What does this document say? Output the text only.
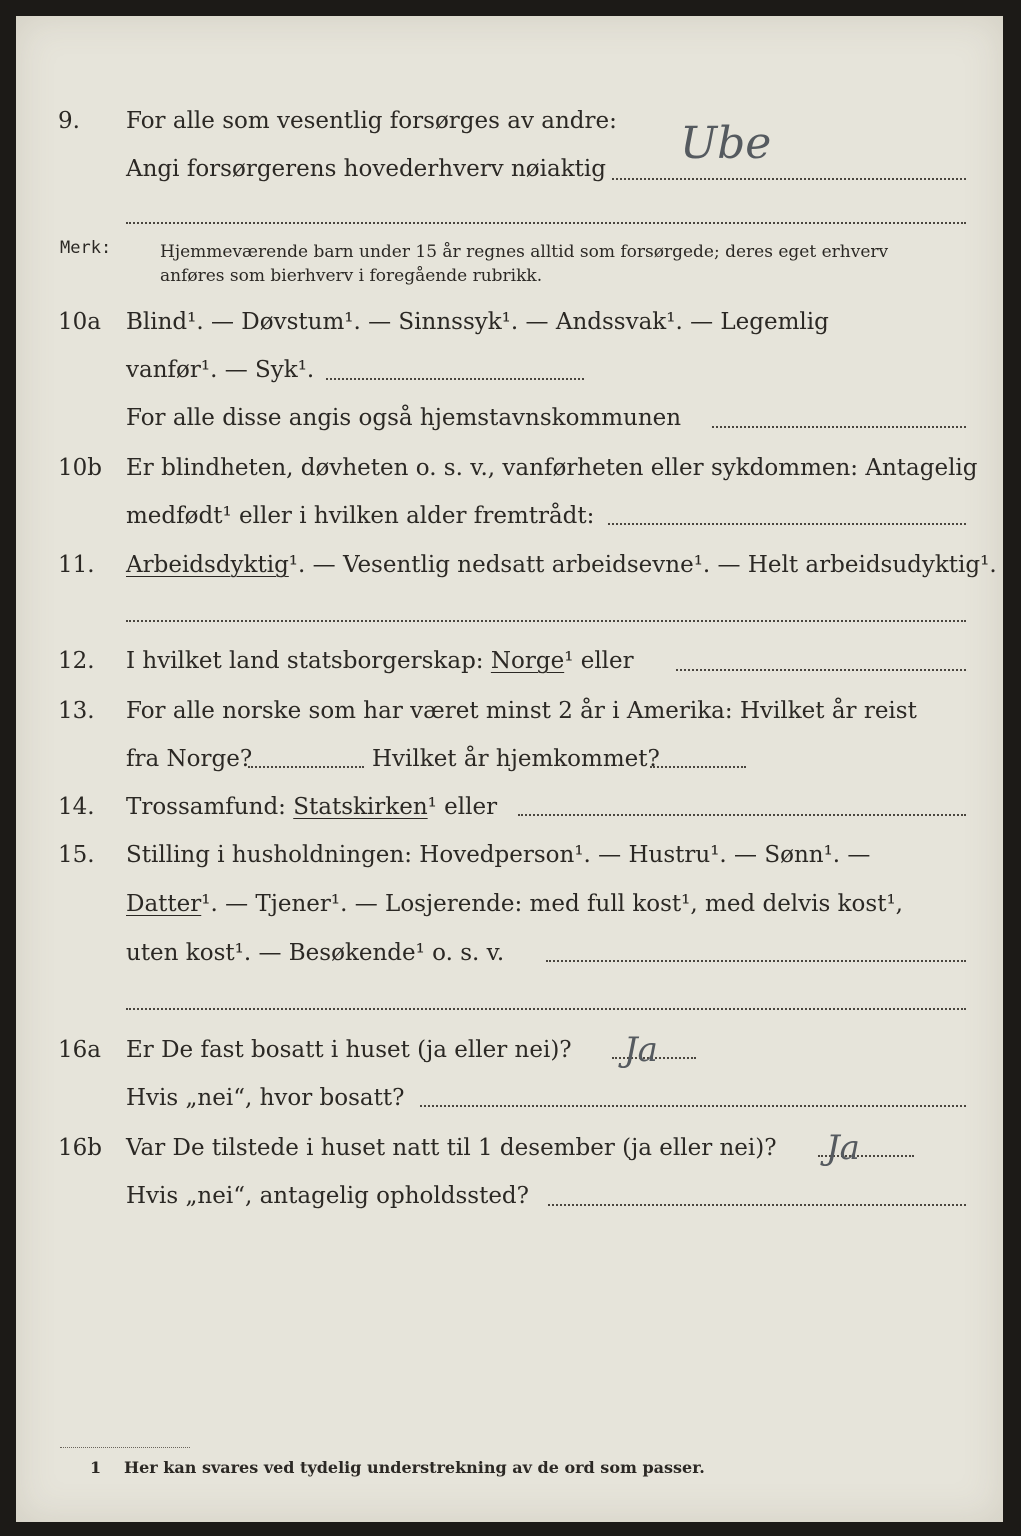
9. For alle som vesentlig forsørges av andre:
Angi forsørgerens hovederhverv nøiaktig Ube
Merk:	Hjemmeværende barn under 15 år regnes alltid som forsørgede; deres eget erhverv
anføres som bierhverv i foregående rubrikk.
10a Blind¹. — Døvstum¹. — Sinnssyk¹. — Andssvak¹. — Legemlig
vanfør¹. — Syk¹.
For alle disse angis også hjemstavnskommunen
10b Er blindheten, døvheten o. s. v., vanførheten eller sykdommen: Antagelig
medfødt¹ eller i hvilken alder fremtrådt:
11. Arbeidsdyktig¹. — Vesentlig nedsatt arbeidsevne¹. — Helt arbeidsudyktig¹.
12. I hvilket land statsborgerskap: Norge¹ eller
13. For alle norske som har været minst 2 år i Amerika: Hvilket år reist
fra Norge?	Hvilket år hjemkommet?
14. Trossamfund: Statskirken¹ eller
15. Stilling i husholdningen: Hovedperson¹. — Hustru¹. — Sønn¹. —
Datter¹. — Tjener¹. — Losjerende: med full kost¹, med delvis kost¹,
uten kost¹. — Besøkende¹ o. s. v.
16a Er De fast bosatt i huset (ja eller nei)? Ja
Hvis „nei“, hvor bosatt?
16b Var De tilstede i huset natt til 1 desember (ja eller nei)? Ja
Hvis „nei“, antagelig opholdssted?
1 Her kan svares ved tydelig understrekning av de ord som passer.
